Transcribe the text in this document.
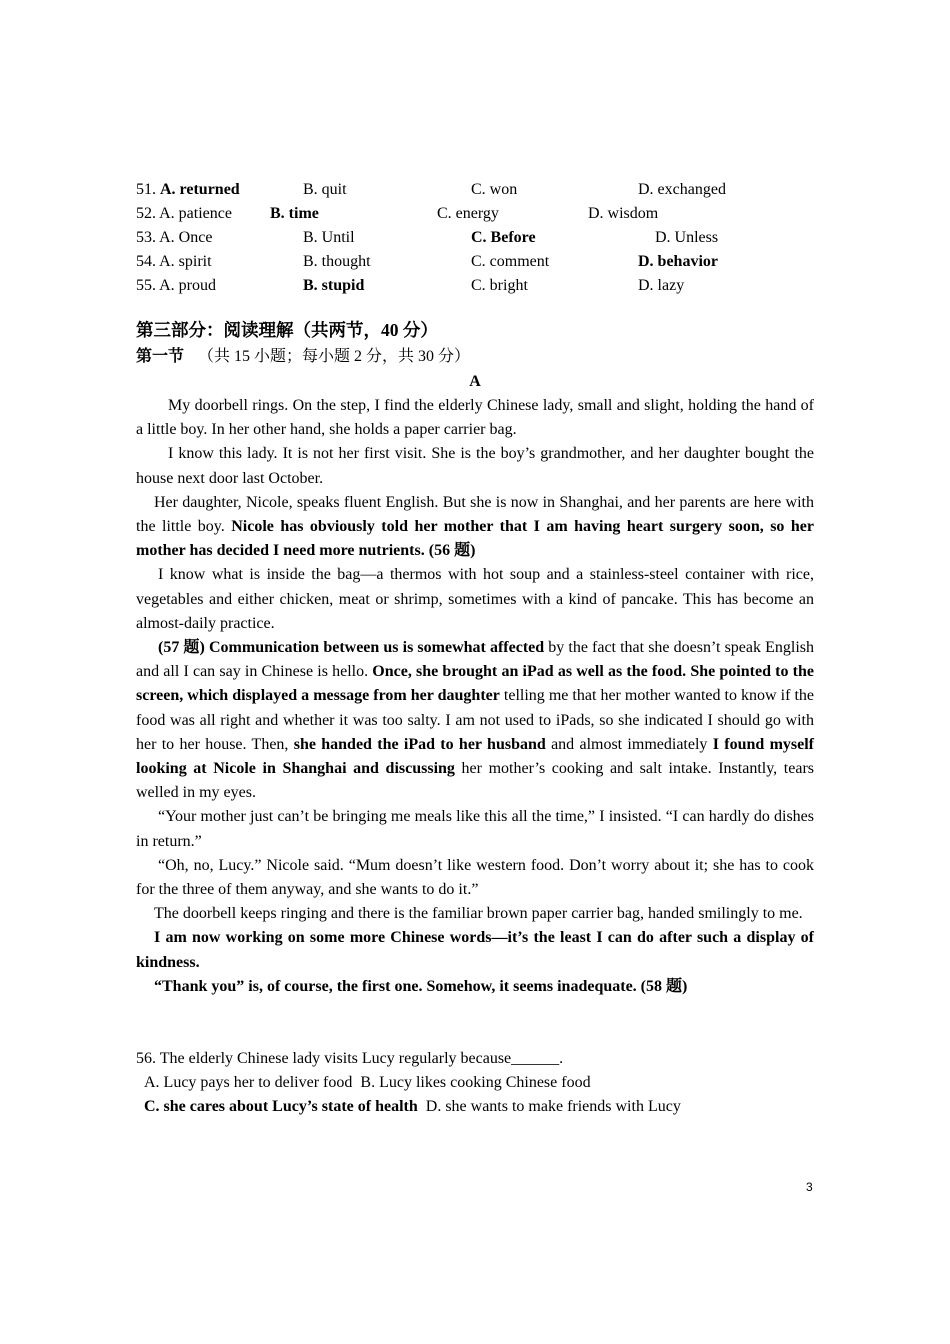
51. A. returned	B. quit	C. won	D. exchanged
52. A. patience B. time	C. energy	D. wisdom
53. A. Once	B. Until	C. Before	D. Unless
54. A. spirit	B. thought	C. comment	D. behavior
55. A. proud	B. stupid	C. bright	D. lazy
第三部分：阅读理解（共两节，40 分）
第一节 （共 15 小题；每小题 2 分，共 30 分）
A

My doorbell rings. On the step, I find the elderly Chinese lady, small and slight, holding the hand of a little boy. In her other hand, she holds a paper carrier bag.

I know this lady. It is not her first visit. She is the boy’s grandmother, and her daughter bought the house next door last October.

Her daughter, Nicole, speaks fluent English. But she is now in Shanghai, and her parents are here with the little boy. Nicole has obviously told her mother that I am having heart surgery soon, so her mother has decided I need more nutrients. (56 题)

I know what is inside the bag—a thermos with hot soup and a stainless-steel container with rice, vegetables and either chicken, meat or shrimp, sometimes with a kind of pancake. This has become an almost-daily practice.

(57 题) Communication between us is somewhat affected by the fact that she doesn’t speak English and all I can say in Chinese is hello. Once, she brought an iPad as well as the food. She pointed to the screen, which displayed a message from her daughter telling me that her mother wanted to know if the food was all right and whether it was too salty. I am not used to iPads, so she indicated I should go with her to her house. Then, she handed the iPad to her husband and almost immediately I found myself looking at Nicole in Shanghai and discussing her mother’s cooking and salt intake. Instantly, tears welled in my eyes.

“Your mother just can’t be bringing me meals like this all the time,” I insisted. “I can hardly do dishes in return.”

“Oh, no, Lucy.” Nicole said. “Mum doesn’t like western food. Don’t worry about it; she has to cook for the three of them anyway, and she wants to do it.”

The doorbell keeps ringing and there is the familiar brown paper carrier bag, handed smilingly to me.

I am now working on some more Chinese words—it’s the least I can do after such a display of kindness.

“Thank you” is, of course, the first one. Somehow, it seems inadequate. (58 题)

56. The elderly Chinese lady visits Lucy regularly because______.

A. Lucy pays her to deliver food B. Lucy likes cooking Chinese food
C. she cares about Lucy’s state of health D. she wants to make friends with Lucy
3
